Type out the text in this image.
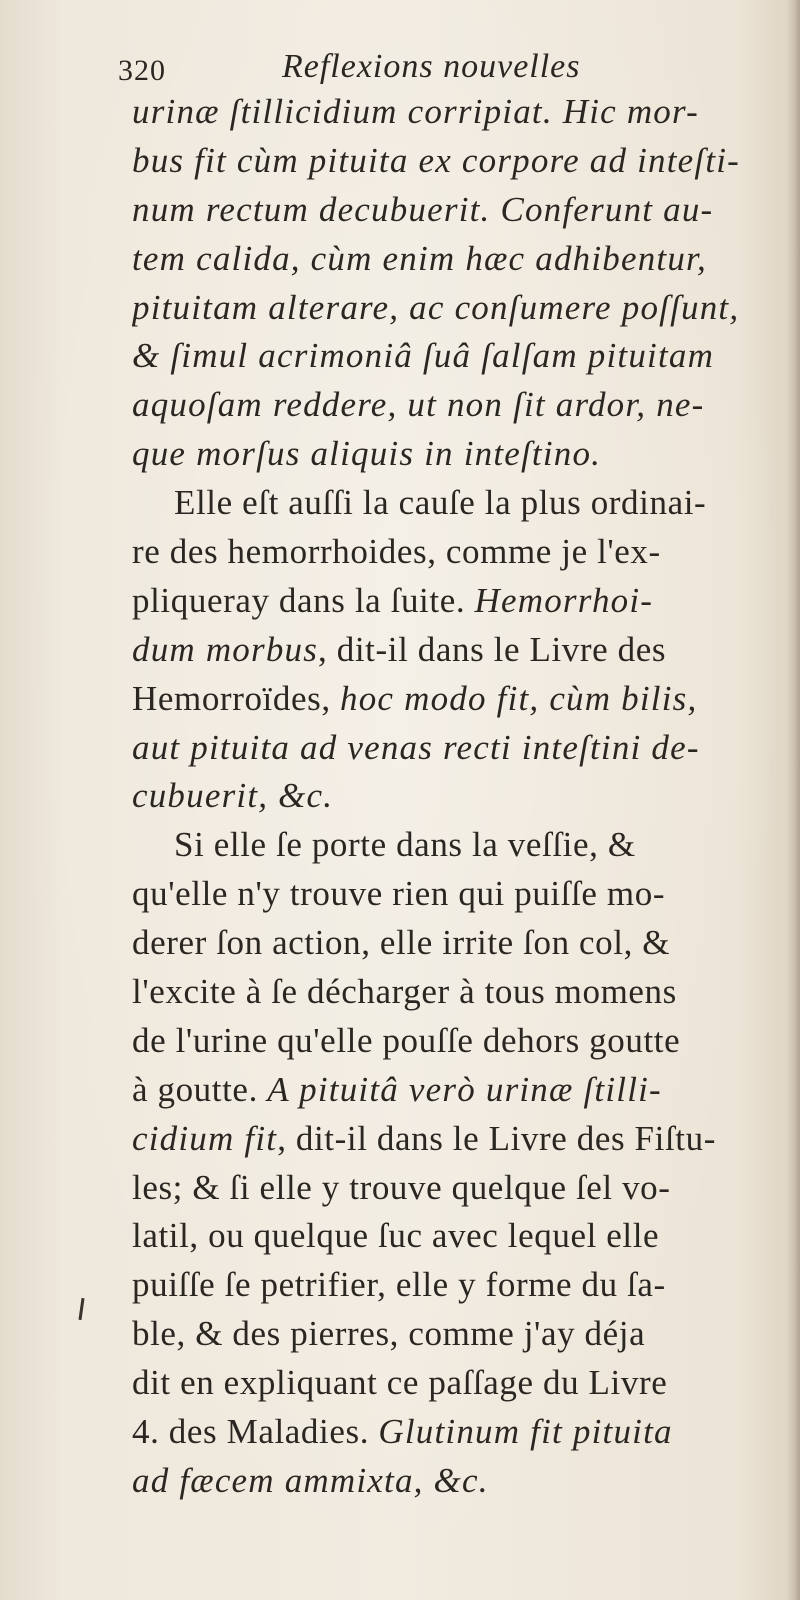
320	Reflexions nouvelles
urinæ ſtillicidium corripiat. Hic mor-
bus fit cùm pituita ex corpore ad inteſti-
num rectum decubuerit. Conferunt au-
tem calida, cùm enim hæc adhibentur,
pituitam alterare, ac conſumere poſſunt,
& ſimul acrimoniâ ſuâ ſalſam pituitam
aquoſam reddere, ut non ſit ardor, ne-
que morſus aliquis in inteſtino.
Elle eſt auſſi la cauſe la plus ordinai-
re des hemorrhoides, comme je l'ex-
pliqueray dans la ſuite. Hemorrhoi-
dum morbus, dit-il dans le Livre des
Hemorroïdes, hoc modo fit, cùm bilis,
aut pituita ad venas recti inteſtini de-
cubuerit, &c.
Si elle ſe porte dans la veſſie, &
qu'elle n'y trouve rien qui puiſſe mo-
derer ſon action, elle irrite ſon col, &
l'excite à ſe décharger à tous momens
de l'urine qu'elle pouſſe dehors goutte
à goutte. A pituitâ verò urinæ ſtilli-
cidium fit, dit-il dans le Livre des Fiſtu-
les; & ſi elle y trouve quelque ſel vo-
latil, ou quelque ſuc avec lequel elle
puiſſe ſe petrifier, elle y forme du ſa-
ble, & des pierres, comme j'ay déja
dit en expliquant ce paſſage du Livre
4. des Maladies. Glutinum fit pituita
ad fæcem ammixta, &c.
